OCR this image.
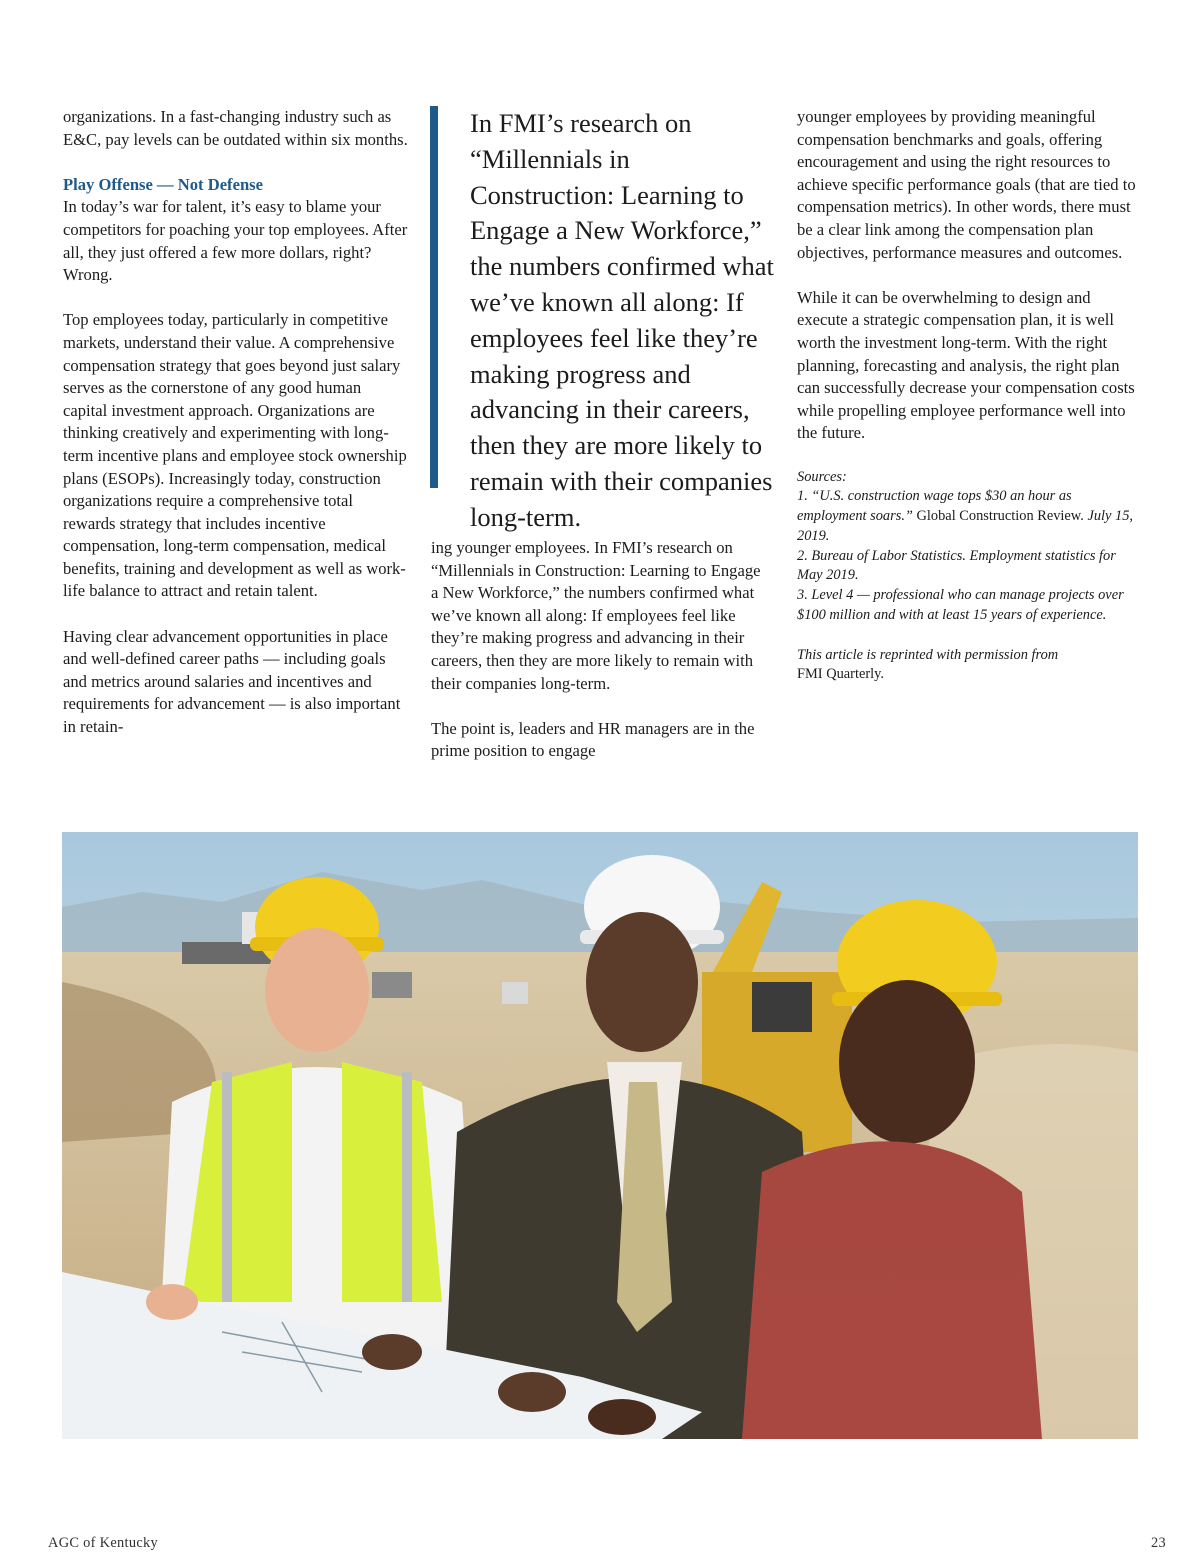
organizations. In a fast-changing industry such as E&C, pay levels can be outdated within six months.

Play Offense — Not Defense
In today’s war for talent, it’s easy to blame your competitors for poaching your top employees. After all, they just offered a few more dollars, right? Wrong.

Top employees today, particularly in competitive markets, understand their value. A comprehensive compensation strategy that goes beyond just salary serves as the cornerstone of any good human capital investment approach. Organizations are thinking creatively and experimenting with long-term incentive plans and employee stock ownership plans (ESOPs). Increasingly today, construction organizations require a comprehensive total rewards strategy that includes incentive compensation, long-term compensation, medical benefits, training and development as well as work-life balance to attract and retain talent.

Having clear advancement opportunities in place and well-defined career paths — including goals and metrics around salaries and incentives and requirements for advancement — is also important in retain-

In FMI’s research on “Millennials in Construction: Learning to Engage a New Workforce,” the numbers confirmed what we’ve known all along: If employees feel like they’re making progress and advancing in their careers, then they are more likely to remain with their companies long-term.

ing younger employees. In FMI’s research on “Millennials in Construction: Learning to Engage a New Workforce,” the numbers confirmed what we’ve known all along: If employees feel like they’re making progress and advancing in their careers, then they are more likely to remain with their companies long-term.

The point is, leaders and HR managers are in the prime position to engage

younger employees by providing meaningful compensation benchmarks and goals, offering encouragement and using the right resources to achieve specific performance goals (that are tied to compensation metrics). In other words, there must be a clear link among the compensation plan objectives, performance measures and outcomes.

While it can be overwhelming to design and execute a strategic compensation plan, it is well worth the investment long-term. With the right planning, forecasting and analysis, the right plan can successfully decrease your compensation costs while propelling employee performance well into the future.

Sources:
1. “U.S. construction wage tops $30 an hour as employment soars.” Global Construction Review. July 15, 2019.
2. Bureau of Labor Statistics. Employment statistics for May 2019.
3. Level 4 — professional who can manage projects over $100 million and with at least 15 years of experience.
This article is reprinted with permission from
FMI Quarterly.
AGC of Kentucky	23
